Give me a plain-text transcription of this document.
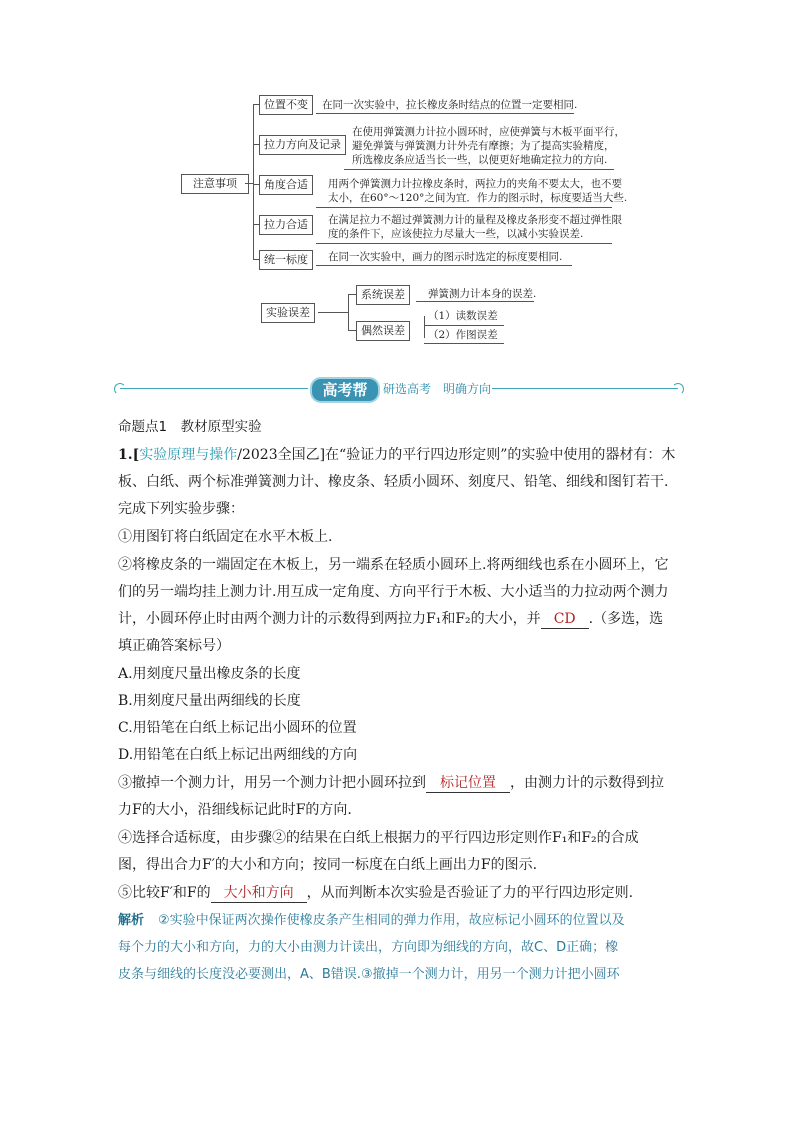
注意事项
位置不变	在同一次实验中，拉长橡皮条时结点的位置一定要相同.
拉力方向及记录
在使用弹簧测力计拉小圆环时，应使弹簧与木板平面平行，
避免弹簧与弹簧测力计外壳有摩擦；为了提高实验精度，
所选橡皮条应适当长一些，以便更好地确定拉力的方向.
角度合适	用两个弹簧测力计拉橡皮条时，两拉力的夹角不要太大，也不要
太小，在60°～120°之间为宜．作力的图示时，标度要适当大些.
拉力合适	在满足拉力不超过弹簧测力计的量程及橡皮条形变不超过弹性限
度的条件下，应该使拉力尽量大一些，以减小实验误差.
统一标度	在同一次实验中，画力的图示时选定的标度要相同.
实验误差
系统误差	弹簧测力计本身的误差.
偶然误差
（1）读数误差
（2）作图误差
高考帮	研选高考　明确方向
命题点1　教材原型实验
1.[实验原理与操作/2023全国乙]在“验证力的平行四边形定则”的实验中使用的器材有：木
板、白纸、两个标准弹簧测力计、橡皮条、轻质小圆环、刻度尺、铅笔、细线和图钉若干.
完成下列实验步骤：
①用图钉将白纸固定在水平木板上.
②将橡皮条的一端固定在木板上，另一端系在轻质小圆环上.将两细线也系在小圆环上，它
们的另一端均挂上测力计.用互成一定角度、方向平行于木板、大小适当的力拉动两个测力
计，小圆环停止时由两个测力计的示数得到两拉力F₁和F₂的大小，并 CD .（多选，选
填正确答案标号）
A.用刻度尺量出橡皮条的长度
B.用刻度尺量出两细线的长度
C.用铅笔在白纸上标记出小圆环的位置
D.用铅笔在白纸上标记出两细线的方向
③撤掉一个测力计，用另一个测力计把小圆环拉到 标记位置 ，由测力计的示数得到拉
力F的大小，沿细线标记此时F的方向.
④选择合适标度，由步骤②的结果在白纸上根据力的平行四边形定则作F₁和F₂的合成
图，得出合力F′的大小和方向；按同一标度在白纸上画出力F的图示.
⑤比较F′和F的 大小和方向 ，从而判断本次实验是否验证了力的平行四边形定则.
解析 ②实验中保证两次操作使橡皮条产生相同的弹力作用，故应标记小圆环的位置以及
每个力的大小和方向，力的大小由测力计读出，方向即为细线的方向，故C、D正确；橡
皮条与细线的长度没必要测出，A、B错误.③撤掉一个测力计，用另一个测力计把小圆环
